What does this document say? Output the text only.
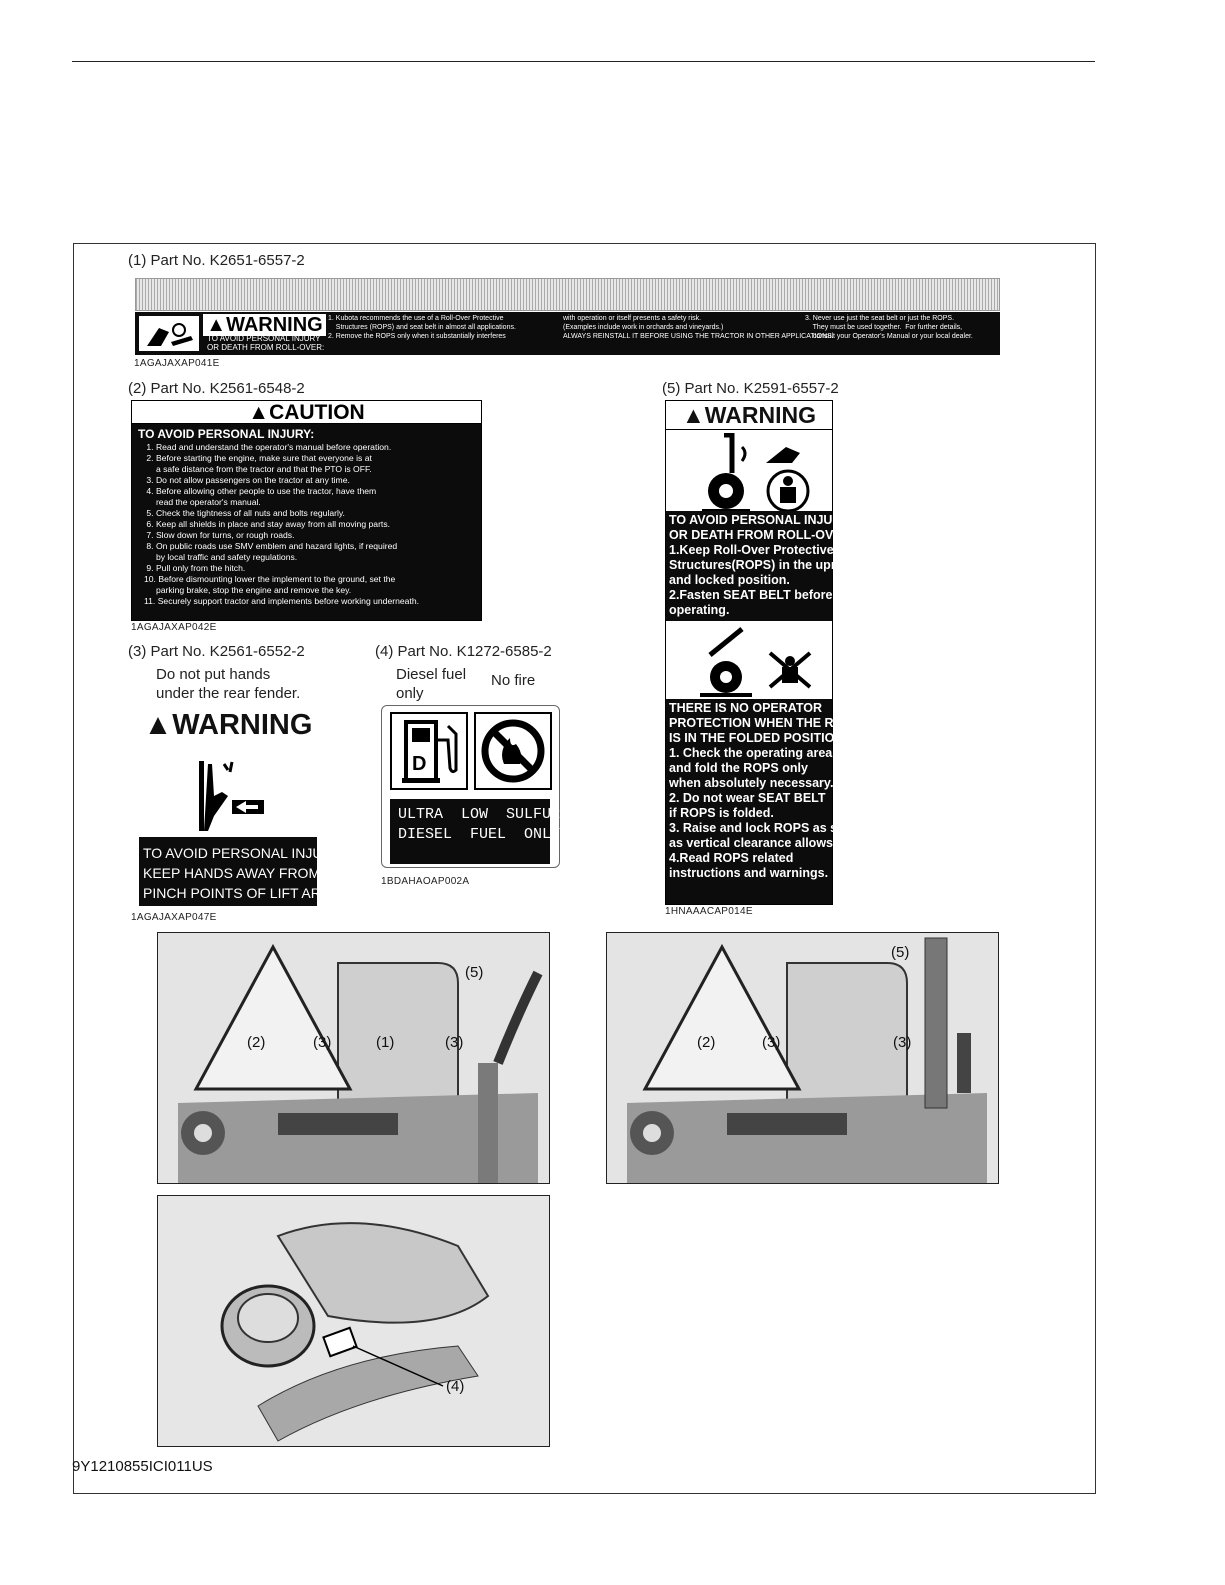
(1) Part No. K2651-6557-2
▲WARNING
TO AVOID PERSONAL INJURY
OR DEATH FROM ROLL-OVER:
1. Kubota recommends the use of a Roll-Over Protective
Structures (ROPS) and seat belt in almost all applications.
2. Remove the ROPS only when it substantially interferes
with operation or itself presents a safety risk.
(Examples include work in orchards and vineyards.)
ALWAYS REINSTALL IT BEFORE USING THE TRACTOR IN OTHER APPLICATIONS.
3. Never use just the seat belt or just the ROPS.
They must be used together.  For further details,
consult your Operator's Manual or your local dealer.
1AGAJAXAP041E
(2) Part No. K2561-6548-2
▲CAUTION
TO AVOID PERSONAL INJURY:
1. Read and understand the operator's manual before operation.
2. Before starting the engine, make sure that everyone is at
a safe distance from the tractor and that the PTO is OFF.
3. Do not allow passengers on the tractor at any time.
4. Before allowing other people to use the tractor, have them
read the operator's manual.
5. Check the tightness of all nuts and bolts regularly.
6. Keep all shields in place and stay away from all moving parts.
7. Slow down for turns, or rough roads.
8. On public roads use SMV emblem and hazard lights, if required
by local traffic and safety regulations.
9. Pull only from the hitch.
10. Before dismounting lower the implement to the ground, set the
parking brake, stop the engine and remove the key.
11. Securely support tractor and implements before working underneath.
1AGAJAXAP042E
(3) Part No. K2561-6552-2
Do not put hands
under the rear fender.
▲WARNING
TO AVOID PERSONAL INJURY:
KEEP HANDS AWAY FROM
PINCH POINTS OF LIFT ARMS.
1AGAJAXAP047E
(4) Part No. K1272-6585-2
Diesel fuel
only
No fire
D
ULTRA  LOW  SULFUR
DIESEL  FUEL  ONLY
1BDAHAOAP002A
(5) Part No. K2591-6557-2
▲WARNING
TO AVOID PERSONAL INJURY
OR DEATH FROM ROLL-OVER:
1.Keep Roll-Over Protective
Structures(ROPS) in the upright
and locked position.
2.Fasten SEAT BELT before
operating.
THERE IS NO OPERATOR
PROTECTION WHEN THE ROPS
IS IN THE FOLDED POSITION.
1. Check the operating area
and fold the ROPS only
when absolutely necessary.
2. Do not wear SEAT BELT
if ROPS is folded.
3. Raise and lock ROPS as soon
as vertical clearance allows.
4.Read ROPS related
instructions and warnings.
1HNAAACAP014E
(2)	(3)	(1)	(3)
(5)
(2)	(3)	(3)
(5)
(4)
9Y1210855ICI011US
